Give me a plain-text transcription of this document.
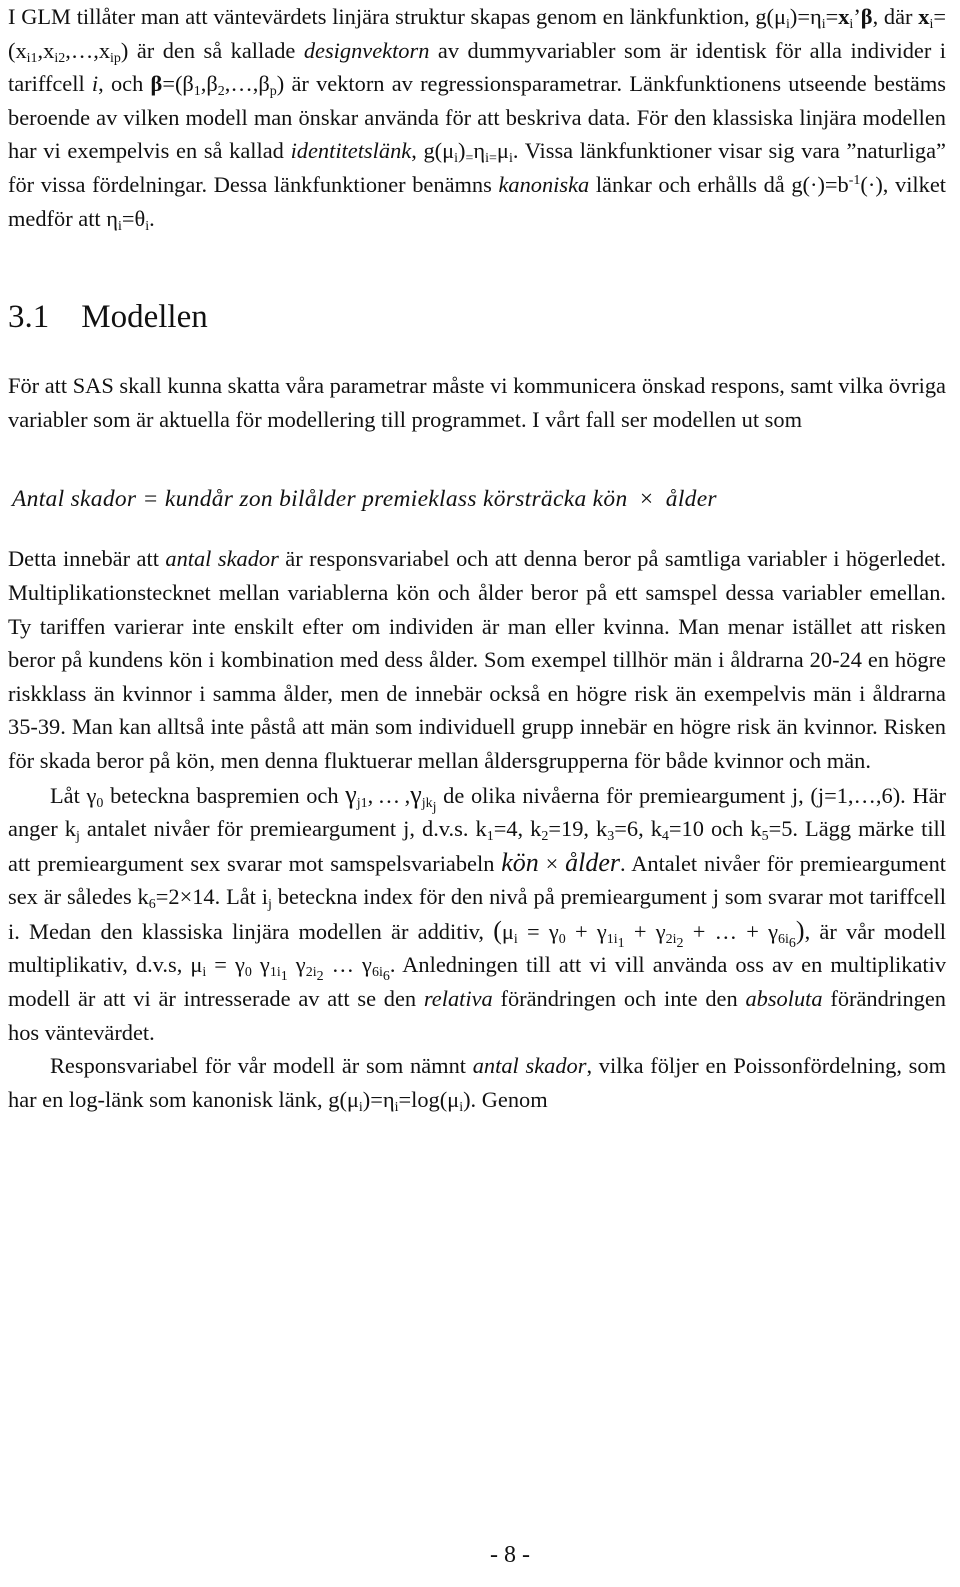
I GLM tillåter man att väntevärdets linjära struktur skapas genom en länkfunktion, $g(\mu_i)=\eta_i=x_i’\beta$, där $x_i=(x_{i1},x_{i2},\dots,x_{ip})$ är den så kallade designvektorn av dummyvariabler som är identisk för alla individer i tariffcell i, och $\beta=(\beta_1,\beta_2,\dots,\beta_p)$ är vektorn av regressionsparametrar. Länkfunktionens utseende bestäms beroende av vilken modell man önskar använda för att beskriva data. För den klassiska linjära modellen har vi exempelvis en så kallad identitetslänk, $g(\mu_i)_=\eta_{i=}\mu_i$. Vissa länkfunktioner visar sig vara ”naturliga” för vissa fördelningar. Dessa länkfunktioner benämns kanoniska länkar och erhålls då $g(\cdot)=b^{-1}(\cdot)$, vilket medför att $\eta_i=\theta_i$.

3.1 Modellen

För att SAS skall kunna skatta våra parametrar måste vi kommunicera önskad respons, samt vilka övriga variabler som är aktuella för modellering till programmet. I vårt fall ser modellen ut som

Antal skador = kundår zon bilålder premieklass körsträcka kön  ×  ålder

Detta innebär att antal skador är responsvariabel och att denna beror på samtliga variabler i högerledet. Multiplikationstecknet mellan variablerna kön och ålder beror på ett samspel dessa variabler emellan. Ty tariffen varierar inte enskilt efter om individen är man eller kvinna. Man menar istället att risken beror på kundens kön i kombination med dess ålder. Som exempel tillhör män i åldrarna 20-24 en högre riskklass än kvinnor i samma ålder, men de innebär också en högre risk än exempelvis män i åldrarna 35-39. Man kan alltså inte påstå att män som individuell grupp innebär en högre risk än kvinnor. Risken för skada beror på kön, men denna fluktuerar mellan åldersgrupperna för både kvinnor och män.

Låt $\gamma_0$ beteckna baspremien och $\gamma_{j1}$, … $,\gamma_{jk_j}$ de olika nivåerna för premieargument j, (j=1,…,6). Här anger $k_j$ antalet nivåer för premieargument j, d.v.s. $k_1=4$, $k_2=19$, $k_3=6$, $k_4=10$ och $k_5=5$. Lägg märke till att premieargument sex svarar mot samspelsvariabeln kön × ålder. Antalet nivåer för premieargument sex är således $k_6=2\times 14$. Låt $i_j$ beteckna index för den nivå på premieargument j som svarar mot tariffcell i. Medan den klassiska linjära modellen är additiv, ($\mu_i = \gamma_0 + \gamma_{1i_1} + \gamma_{2i_2}$ + … + $\gamma_{6i_6}$), är vår modell multiplikativ, d.v.s, $\mu_i = \gamma_0$ $\gamma_{1i_1}$ $\gamma_{2i_2}$ … $\gamma_{6i_6}$. Anledningen till att vi vill använda oss av en multiplikativ modell är att vi är intresserade av att se den relativa förändringen och inte den absoluta förändringen hos väntevärdet.

Responsvariabel för vår modell är som nämnt antal skador, vilka följer en Poissonfördelning, som har en log-länk som kanonisk länk, $g(\mu_i)=\eta_i=\log(\mu_i)$. Genom

- 8 -
